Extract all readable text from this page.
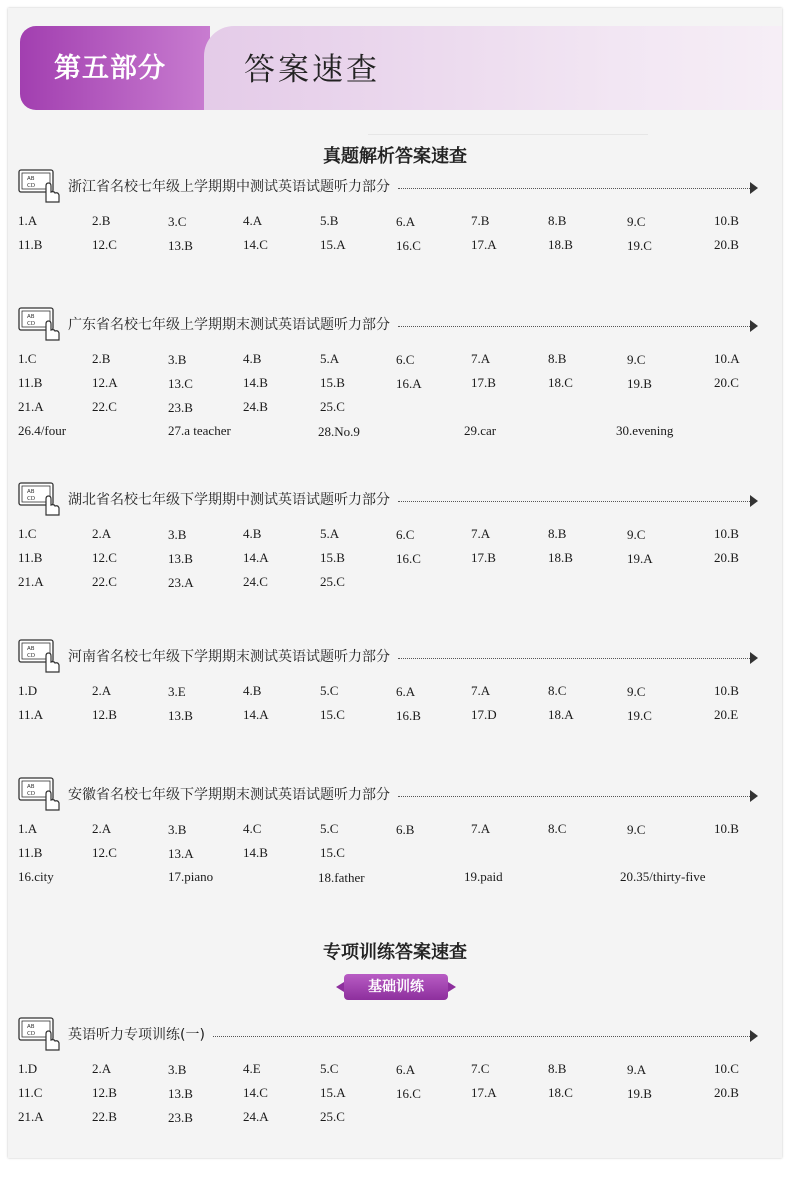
第五部分	答案速查
真题解析答案速查
专项训练答案速查
基础训练
AB
CD 浙江省名校七年级上学期期中测试英语试题听力部分
1.A	2.B	3.C	4.A	5.B	6.A	7.B	8.B	9.C	10.B
11.B	12.C	13.B	14.C	15.A	16.C	17.A	18.B	19.C	20.B
AB
CD 广东省名校七年级上学期期末测试英语试题听力部分
1.C	2.B	3.B	4.B	5.A	6.C	7.A	8.B	9.C	10.A
11.B	12.A	13.C	14.B	15.B	16.A	17.B	18.C	19.B	20.C
21.A	22.C	23.B	24.B	25.C
26.4/four	27.a teacher	28.No.9	29.car	30.evening
AB
CD 湖北省名校七年级下学期期中测试英语试题听力部分
1.C	2.A	3.B	4.B	5.A	6.C	7.A	8.B	9.C	10.B
11.B	12.C	13.B	14.A	15.B	16.C	17.B	18.B	19.A	20.B
21.A	22.C	23.A	24.C	25.C
AB
CD 河南省名校七年级下学期期末测试英语试题听力部分
1.D	2.A	3.E	4.B	5.C	6.A	7.A	8.C	9.C	10.B
11.A	12.B	13.B	14.A	15.C	16.B	17.D	18.A	19.C	20.E
AB
CD 安徽省名校七年级下学期期末测试英语试题听力部分
1.A	2.A	3.B	4.C	5.C	6.B	7.A	8.C	9.C	10.B
11.B	12.C	13.A	14.B	15.C
16.city	17.piano	18.father	19.paid	20.35/thirty-five
AB
CD 英语听力专项训练(一)
1.D	2.A	3.B	4.E	5.C	6.A	7.C	8.B	9.A	10.C
11.C	12.B	13.B	14.C	15.A	16.C	17.A	18.C	19.B	20.B
21.A	22.B	23.B	24.A	25.C
